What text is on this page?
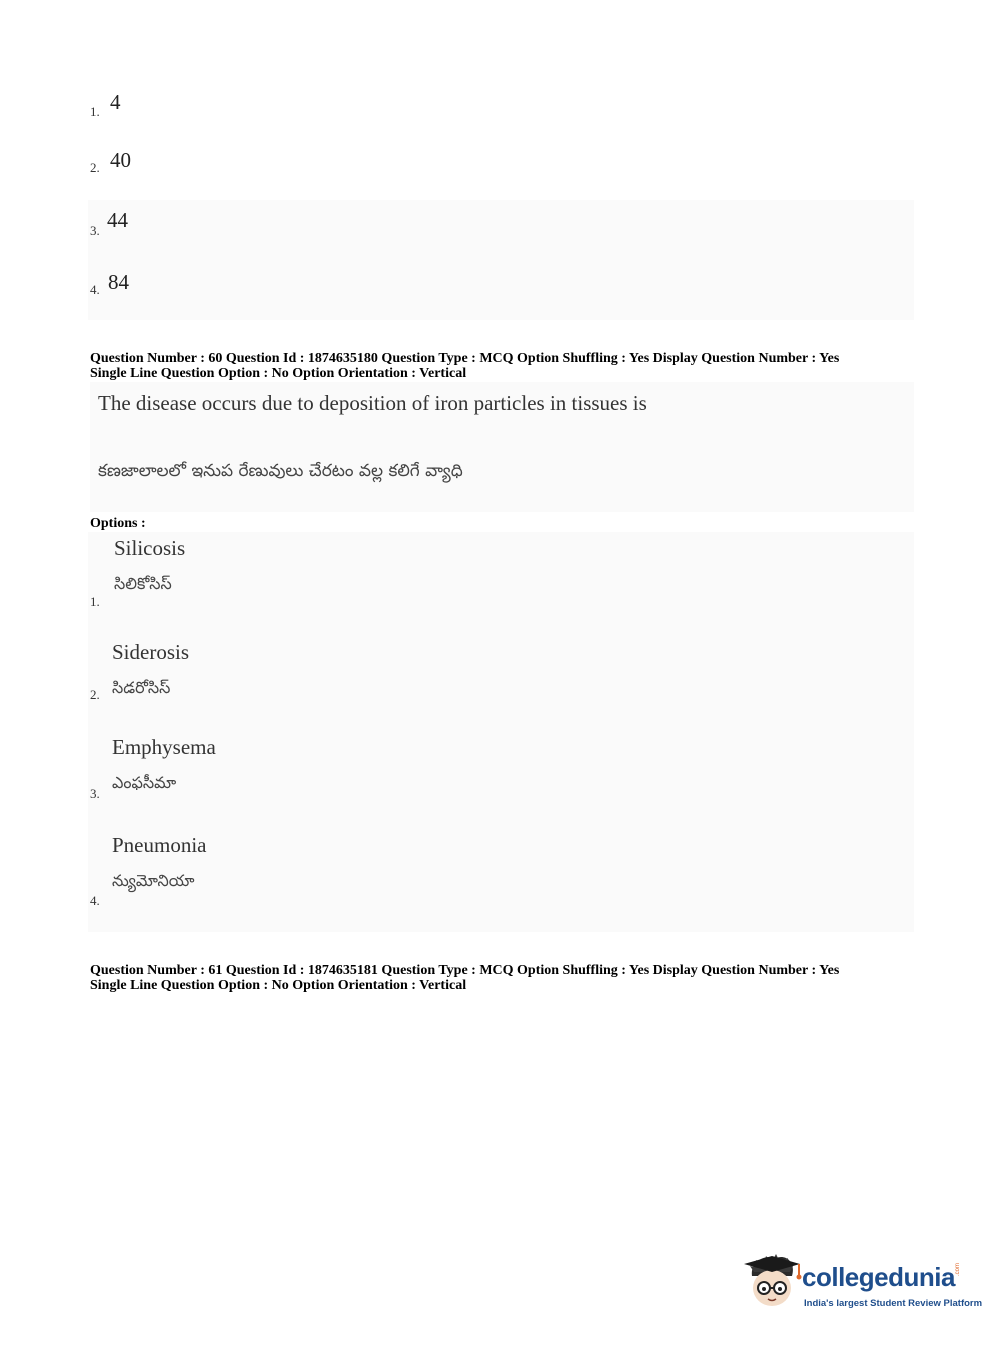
1. 4
2. 40
3. 44
4. 84
Question Number : 60 Question Id : 1874635180 Question Type : MCQ Option Shuffling : Yes Display Question Number : Yes
Single Line Question Option : No Option Orientation : Vertical
The disease occurs due to deposition of iron particles in tissues is
కణజాలాలలో ఇనుప రేణువులు చేరటం వల్ల కలిగే వ్యాధి
Options :
Silicosis
సిలికోసిస్
1.
Siderosis
సిడరోసిస్
2.
Emphysema
ఎంఫసీమా
3.
Pneumonia
న్యుమోనియా
4.
Question Number : 61 Question Id : 1874635181 Question Type : MCQ Option Shuffling : Yes Display Question Number : Yes
Single Line Question Option : No Option Orientation : Vertical
collegedunia .com
India's largest Student Review Platform
